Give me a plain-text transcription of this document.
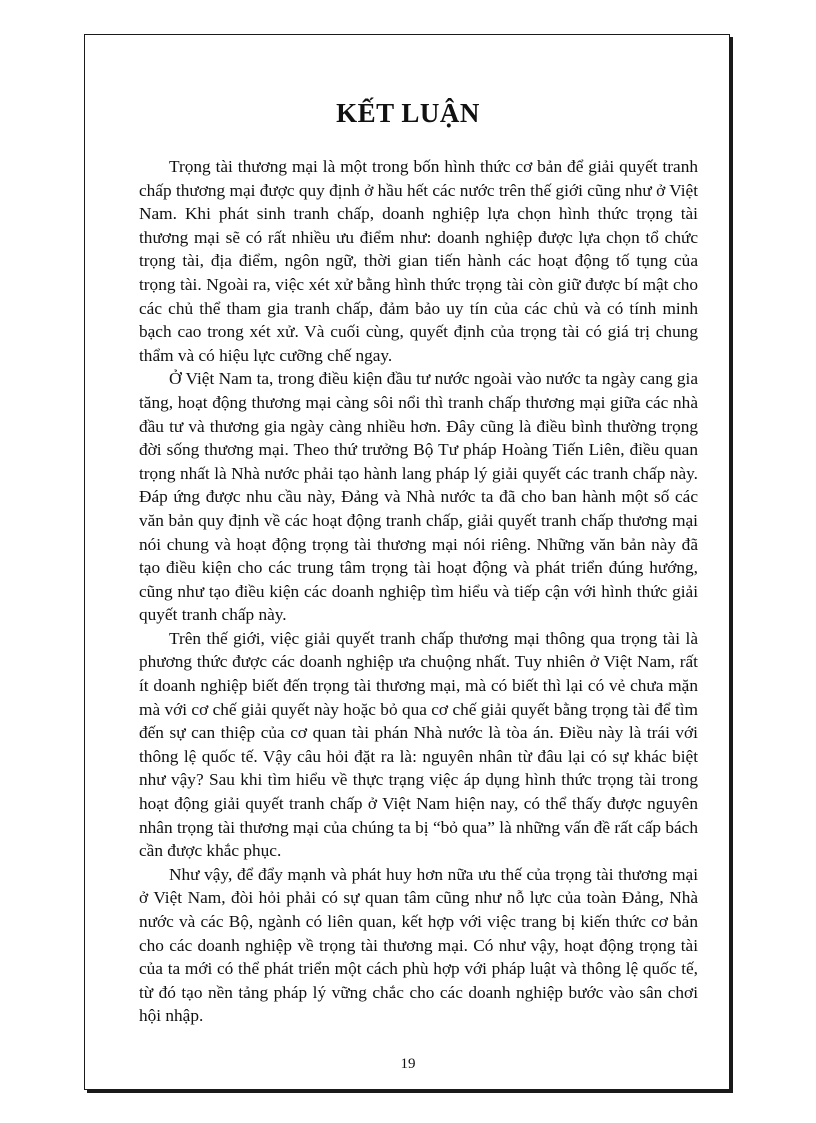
KẾT LUẬN

Trọng tài thương mại là một trong bốn hình thức cơ bản để giải quyết tranh chấp thương mại được quy định ở hầu hết các nước trên thế giới cũng như ở Việt Nam. Khi phát sinh tranh chấp, doanh nghiệp lựa chọn hình thức trọng tài thương mại sẽ có rất nhiều ưu điểm như: doanh nghiệp được lựa chọn tổ chức trọng tài, địa điểm, ngôn ngữ, thời gian tiến hành các hoạt động tố tụng của trọng tài. Ngoài ra, việc xét xử bằng hình thức trọng tài còn giữ được bí mật cho các chủ thể tham gia tranh chấp, đảm bảo uy tín của các chủ và có tính minh bạch cao trong xét xử. Và cuối cùng, quyết định của trọng tài có giá trị chung thẩm và có hiệu lực cưỡng chế ngay.

Ở Việt Nam ta, trong điều kiện đầu tư nước ngoài vào nước ta ngày cang gia tăng, hoạt động thương mại càng sôi nổi thì tranh chấp thương mại giữa các nhà đầu tư và thương gia ngày càng nhiều hơn. Đây cũng là điều bình thường trọng đời sống thương mại. Theo thứ trưởng Bộ Tư pháp Hoàng Tiến Liên, điều quan trọng nhất là Nhà nước phải tạo hành lang pháp lý giải quyết các tranh chấp này. Đáp ứng được nhu cầu này, Đảng và Nhà nước ta đã cho ban hành một số các văn bản quy định về các hoạt động tranh chấp, giải quyết tranh chấp thương mại nói chung và hoạt động trọng tài thương mại nói riêng. Những văn bản này đã tạo điều kiện cho các trung tâm trọng tài hoạt động và phát triển đúng hướng, cũng như tạo điều kiện các doanh nghiệp tìm hiểu và tiếp cận với hình thức giải quyết tranh chấp này.

Trên thế giới, việc giải quyết tranh chấp thương mại thông qua trọng tài là phương thức được các doanh nghiệp ưa chuộng nhất. Tuy nhiên ở Việt Nam, rất ít doanh nghiệp biết đến trọng tài thương mại, mà có biết thì lại có vẻ chưa mặn mà với cơ chế giải quyết này hoặc bỏ qua cơ chế giải quyết bằng trọng tài để tìm đến sự can thiệp của cơ quan tài phán Nhà nước là tòa án. Điều này là trái với thông lệ quốc tế. Vậy câu hỏi đặt ra là: nguyên nhân từ đâu lại có sự khác biệt như vậy? Sau khi tìm hiểu về thực trạng việc áp dụng hình thức trọng tài trong hoạt động giải quyết tranh chấp ở Việt Nam hiện nay, có thể thấy được nguyên nhân trọng tài thương mại của chúng ta bị “bỏ qua” là những vấn đề rất cấp bách cần được khắc phục.

Như vậy, để đẩy mạnh và phát huy hơn nữa ưu thế của trọng tài thương mại ở Việt Nam, đòi hỏi phải có sự quan tâm cũng như nỗ lực của toàn Đảng, Nhà nước và các Bộ, ngành có liên quan, kết hợp với việc trang bị kiến thức cơ bản cho các doanh nghiệp về trọng tài thương mại. Có như vậy, hoạt động trọng tài của ta mới có thể phát triển một cách phù hợp với pháp luật và thông lệ quốc tế, từ đó tạo nền tảng pháp lý vững chắc cho các doanh nghiệp bước vào sân chơi hội nhập.

19
